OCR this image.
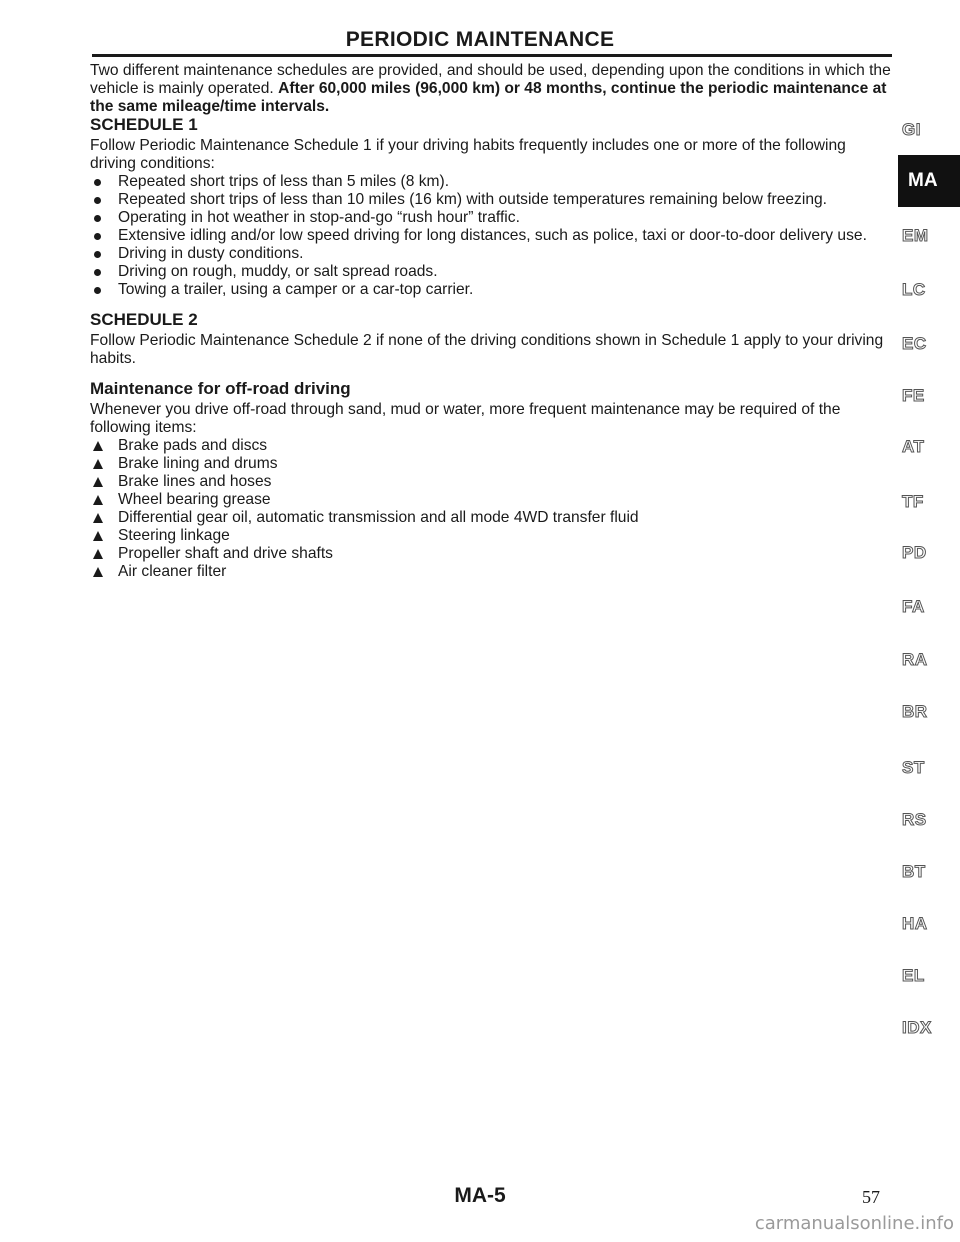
PERIODIC MAINTENANCE

Two different maintenance schedules are provided, and should be used, depending upon the conditions in which the vehicle is mainly operated. After 60,000 miles (96,000 km) or 48 months, continue the periodic maintenance at the same mileage/time intervals.

SCHEDULE 1

Follow Periodic Maintenance Schedule 1 if your driving habits frequently includes one or more of the following driving conditions:

Repeated short trips of less than 5 miles (8 km).
Repeated short trips of less than 10 miles (16 km) with outside temperatures remaining below freezing.
Operating in hot weather in stop-and-go “rush hour” traffic.
Extensive idling and/or low speed driving for long distances, such as police, taxi or door-to-door delivery use.
Driving in dusty conditions.
Driving on rough, muddy, or salt spread roads.
Towing a trailer, using a camper or a car-top carrier.
SCHEDULE 2

Follow Periodic Maintenance Schedule 2 if none of the driving conditions shown in Schedule 1 apply to your driving habits.

Maintenance for off-road driving

Whenever you drive off-road through sand, mud or water, more frequent maintenance may be required of the following items:

Brake pads and discs
Brake lining and drums
Brake lines and hoses
Wheel bearing grease
Differential gear oil, automatic transmission and all mode 4WD transfer fluid
Steering linkage
Propeller shaft and drive shafts
Air cleaner filter
MA
GI
EM
LC
EC
FE
AT
TF
PD
FA
RA
BR
ST
RS
BT
HA
EL
IDX
MA-5	57
carmanualsonline.info
